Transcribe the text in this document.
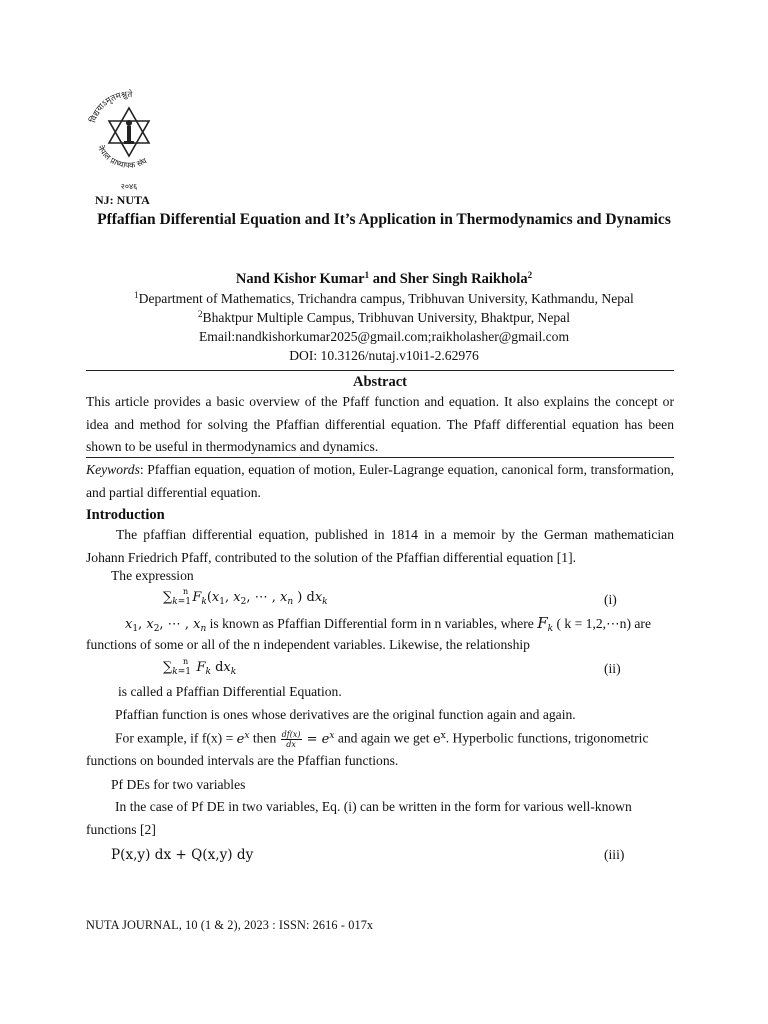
विद्ययाऽमृतमश्नुते
नेपाल प्राध्यापक संघ
२०४६
NJ: NUTA
Pffaffian Differential Equation and It’s Application in Thermodynamics and Dynamics
Nand Kishor Kumar$^1$ and Sher Singh Raikhola$^2$
$^1$Department of Mathematics, Trichandra campus, Tribhuvan University, Kathmandu, Nepal
$^2$Bhaktpur Multiple Campus, Tribhuvan University, Bhaktpur, Nepal
Email:nandkishorkumar2025@gmail.com;raikholasher@gmail.com
DOI: 10.3126/nutaj.v10i1-2.62976
Abstract
This article provides a basic overview of the Pfaff function and equation. It also explains the concept or idea and method for solving the Pfaffian differential equation. The Pfaff differential equation has been shown to be useful in thermodynamics and dynamics.
Keywords: Pfaffian equation, equation of motion, Euler-Lagrange equation, canonical form, transformation, and partial differential equation.
Introduction
The pfaffian differential equation, published in 1814 in a memoir by the German mathematician Johann Friedrich Pfaff, contributed to the solution of the Pfaffian differential equation [1].
The expression
$\sum_{k=1}^n$ $F_k(x_1$, $x_2$, ⋯ , $x_n$ ) $dx_k$	(i)
$x_1$, $x_2$, ⋯ , $x_n$ is known as Pfaffian Differential form in n variables, where $F_k$ ( k = 1,2,⋯n) are
functions of some or all of the n independent variables. Likewise, the relationship
$\sum_{k=1}^n$ $F_k$ $dx_k$	(ii)
is called a Pfaffian Differential Equation.
Pfaffian function is ones whose derivatives are the original function again and again.
For example, if $f(x) = e^x$ then $\frac{df(x)}{dx} = e^x$ and again we get $e^x$. Hyperbolic functions, trigonometric
functions on bounded intervals are the Pfaffian functions.
Pf DEs for two variables
In the case of Pf DE in two variables, Eq. (i) can be written in the form for various well-known
functions [2]
P(x,y) dx + Q(x,y) dy	(iii)
NUTA JOURNAL, 10 (1 & 2), 2023 : ISSN: 2616 - 017x
